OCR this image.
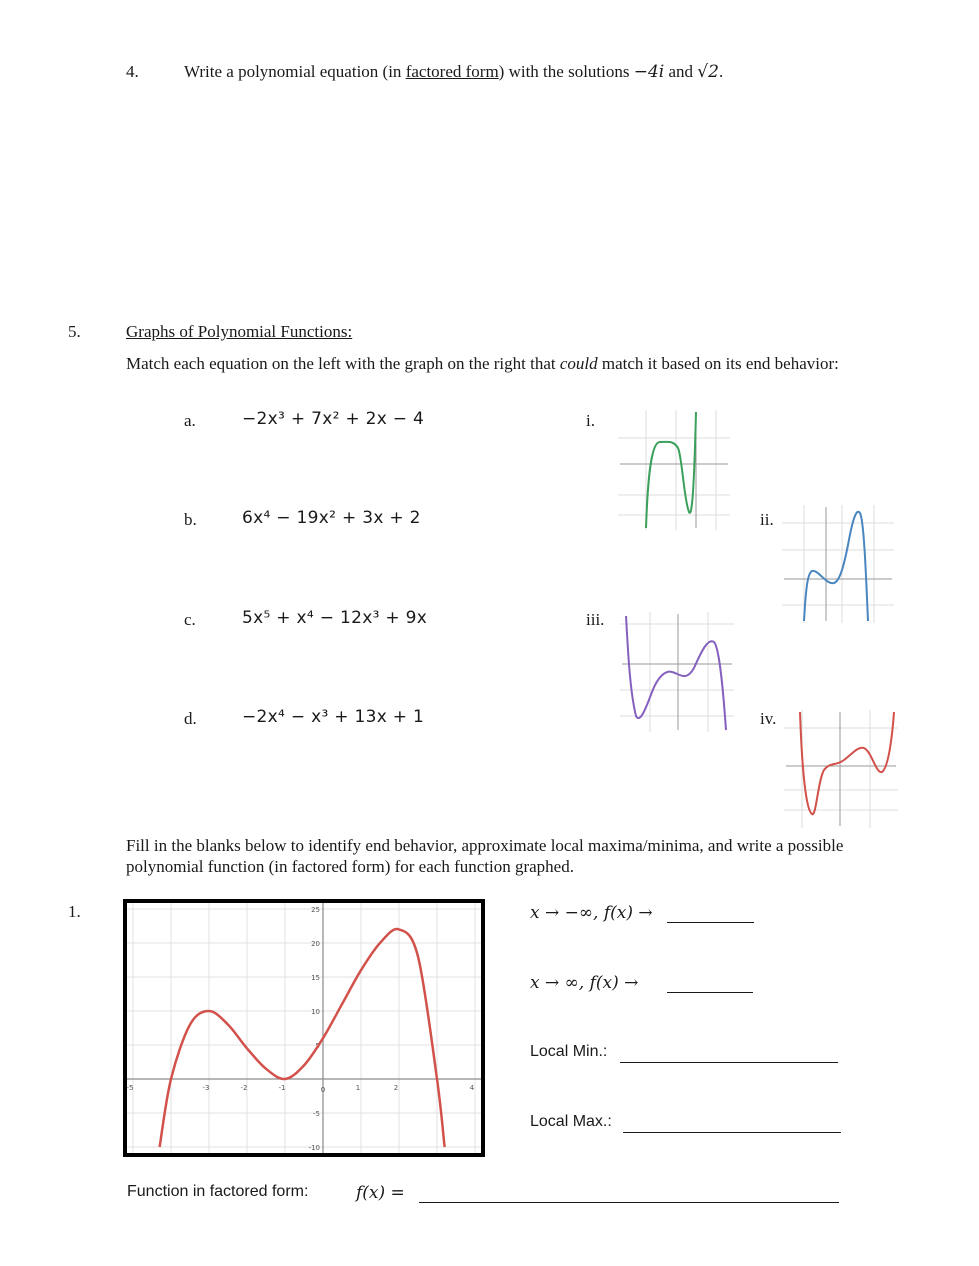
4.	Write a polynomial equation (in factored form) with the solutions −4i and √2.
5.	Graphs of Polynomial Functions:
Match each equation on the left with the graph on the right that could match it based on its end behavior:
a.	−2x³ + 7x² + 2x − 4
b.	6x⁴ − 19x² + 3x + 2
c.	5x⁵ + x⁴ − 12x³ + 9x
d.	−2x⁴ − x³ + 13x + 1
i.
ii.
iii.
iv.
Fill in the blanks below to identify end behavior, approximate local maxima/minima, and write a possible
polynomial function (in factored form) for each function graphed.
1.
-5	-3	-2	-1	0	1	2	4
25
20
15
10
5
-5
-10
x → −∞, f(x) →
x → ∞, f(x) →
Local Min.:
Local Max.:
Function in factored form:	f(x) =
